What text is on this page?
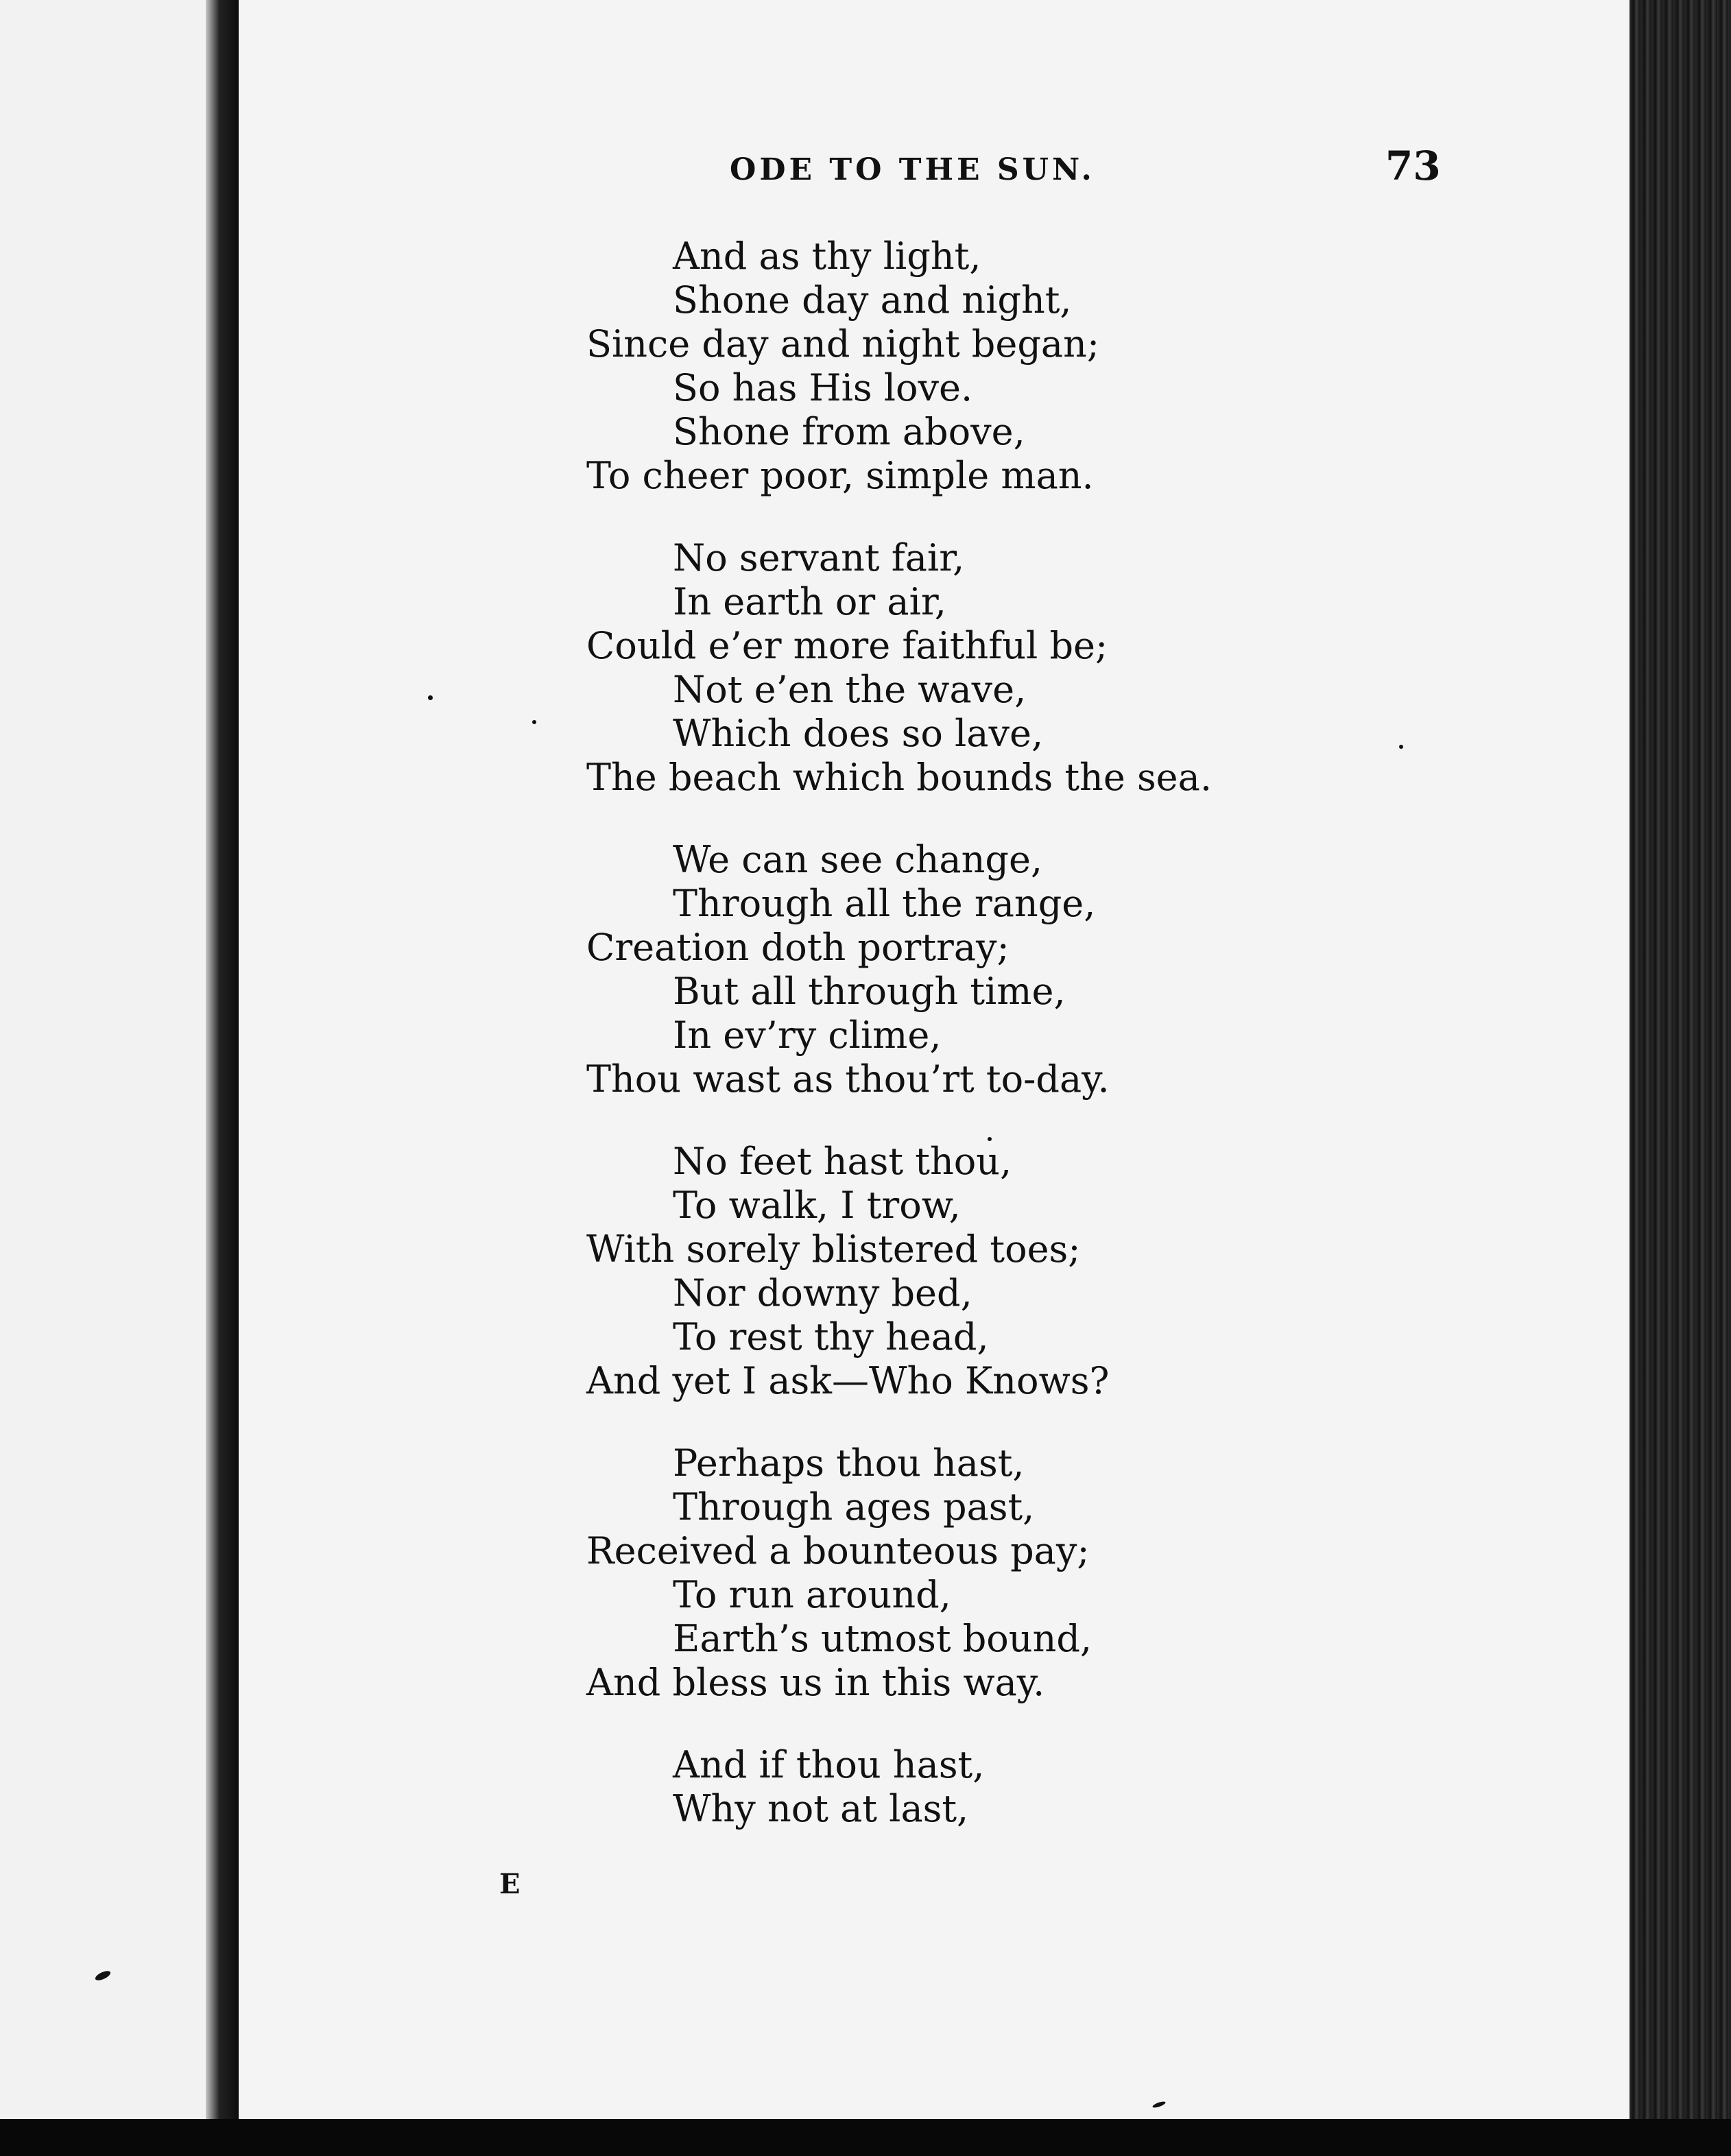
ODE TO THE SUN.	73
And as thy light,
Shone day and night,
Since day and night began;
So has His love.
Shone from above,
To cheer poor, simple man.
No servant fair,
In earth or air,
Could e’er more faithful be;
Not e’en the wave,
Which does so lave,
The beach which bounds the sea.
We can see change,
Through all the range,
Creation doth portray;
But all through time,
In ev’ry clime,
Thou wast as thou’rt to-day.
No feet hast thou,
To walk, I trow,
With sorely blistered toes;
Nor downy bed,
To rest thy head,
And yet I ask—Who Knows?
Perhaps thou hast,
Through ages past,
Received a bounteous pay;
To run around,
Earth’s utmost bound,
And bless us in this way.
And if thou hast,
Why not at last,
E
